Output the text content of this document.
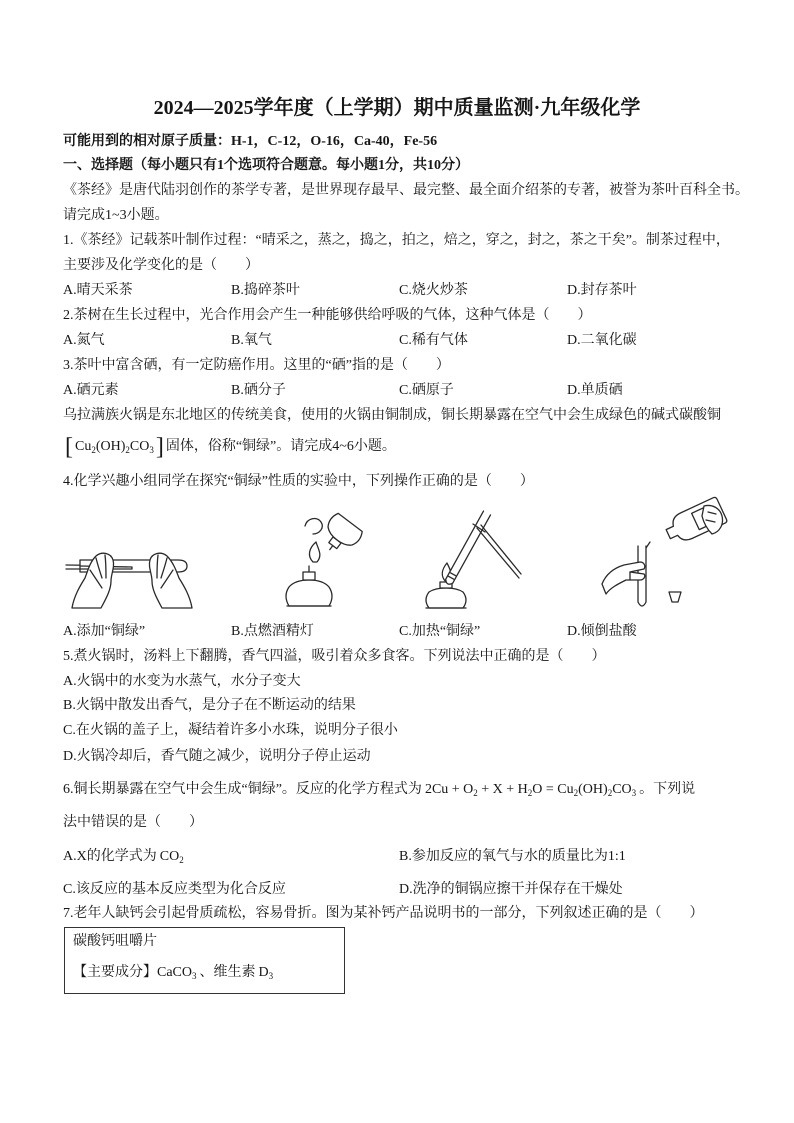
2024—2025学年度（上学期）期中质量监测·九年级化学
可能用到的相对原子质量：H-1，C-12，O-16，Ca-40，Fe-56
一、选择题（每小题只有1个选项符合题意。每小题1分，共10分）
《茶经》是唐代陆羽创作的茶学专著，是世界现存最早、最完整、最全面介绍茶的专著，被誉为茶叶百科全书。
请完成1~3小题。
1.《茶经》记载茶叶制作过程：“晴采之，蒸之，捣之，拍之，焙之，穿之，封之，茶之干矣”。制茶过程中，
主要涉及化学变化的是（　　）
A.晴天采茶	B.捣碎茶叶	C.烧火炒茶	D.封存茶叶
2.茶树在生长过程中，光合作用会产生一种能够供给呼吸的气体，这种气体是（　　）
A.氮气	B.氧气	C.稀有气体	D.二氧化碳
3.茶叶中富含硒，有一定防癌作用。这里的“硒”指的是（　　）
A.硒元素	B.硒分子	C.硒原子	D.单质硒
乌拉满族火锅是东北地区的传统美食，使用的火锅由铜制成，铜长期暴露在空气中会生成绿色的碱式碳酸铜
[ $Cu_2(OH)_2CO_3$] 固体，俗称“铜绿”。请完成4~6小题。
4.化学兴趣小组同学在探究“铜绿”性质的实验中，下列操作正确的是（　　）
A.添加“铜绿”	B.点燃酒精灯	C.加热“铜绿”	D.倾倒盐酸
5.煮火锅时，汤料上下翻腾，香气四溢，吸引着众多食客。下列说法中正确的是（　　）
A.火锅中的水变为水蒸气，水分子变大
B.火锅中散发出香气，是分子在不断运动的结果
C.在火锅的盖子上，凝结着许多小水珠，说明分子很小
D.火锅冷却后，香气随之减少，说明分子停止运动
6.铜长期暴露在空气中会生成“铜绿”。反应的化学方程式为 $2Cu + O_2 + X + H_2O = Cu_2(OH)_2CO_3$ 。下列说
法中错误的是（　　）
A.X的化学式为 $CO_2$	B.参加反应的氧气与水的质量比为1:1
C.该反应的基本反应类型为化合反应	D.洗净的铜锅应擦干并保存在干燥处
7.老年人缺钙会引起骨质疏松，容易骨折。图为某补钙产品说明书的一部分，下列叙述正确的是（　　）
碳酸钙咀嚼片
【主要成分】CaCO$_3$ 、维生素 $D_3$
